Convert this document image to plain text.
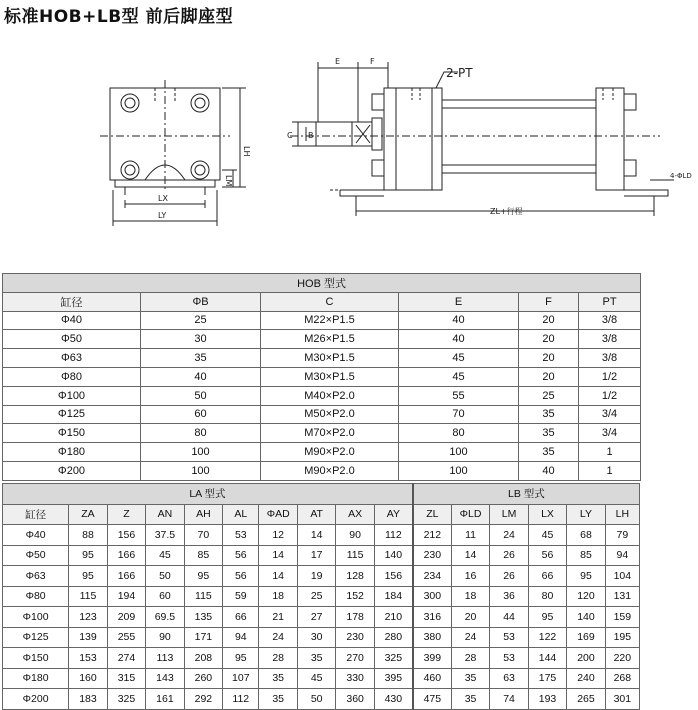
标准HOB+LB型 前后脚座型
LX
LY
LH
LM
E	F
2-PT
C B
ZL+行程
4-ΦLD
HOB 型式					
缸径	ΦB	C	E	F	PT
Φ40	25	M22×P1.5	40	20	3/8
Φ50	30	M26×P1.5	40	20	3/8
Φ63	35	M30×P1.5	45	20	3/8
Φ80	40	M30×P1.5	45	20	1/2
Φ100	50	M40×P2.0	55	25	1/2
Φ125	60	M50×P2.0	70	35	3/4
Φ150	80	M70×P2.0	80	35	3/4
Φ180	100	M90×P2.0	100	35	1
Φ200	100	M90×P2.0	100	40	1
LA 型式										LB 型式					
缸径	ZA	Z	AN	AH	AL	ΦAD	AT	AX	AY	ZL	ΦLD	LM	LX	LY	LH
Φ40	88	156	37.5	70	53	12	14	90	112	212	11	24	45	68	79
Φ50	95	166	45	85	56	14	17	115	140	230	14	26	56	85	94
Φ63	95	166	50	95	56	14	19	128	156	234	16	26	66	95	104
Φ80	115	194	60	115	59	18	25	152	184	300	18	36	80	120	131
Φ100	123	209	69.5	135	66	21	27	178	210	316	20	44	95	140	159
Φ125	139	255	90	171	94	24	30	230	280	380	24	53	122	169	195
Φ150	153	274	113	208	95	28	35	270	325	399	28	53	144	200	220
Φ180	160	315	143	260	107	35	45	330	395	460	35	63	175	240	268
Φ200	183	325	161	292	112	35	50	360	430	475	35	74	193	265	301
